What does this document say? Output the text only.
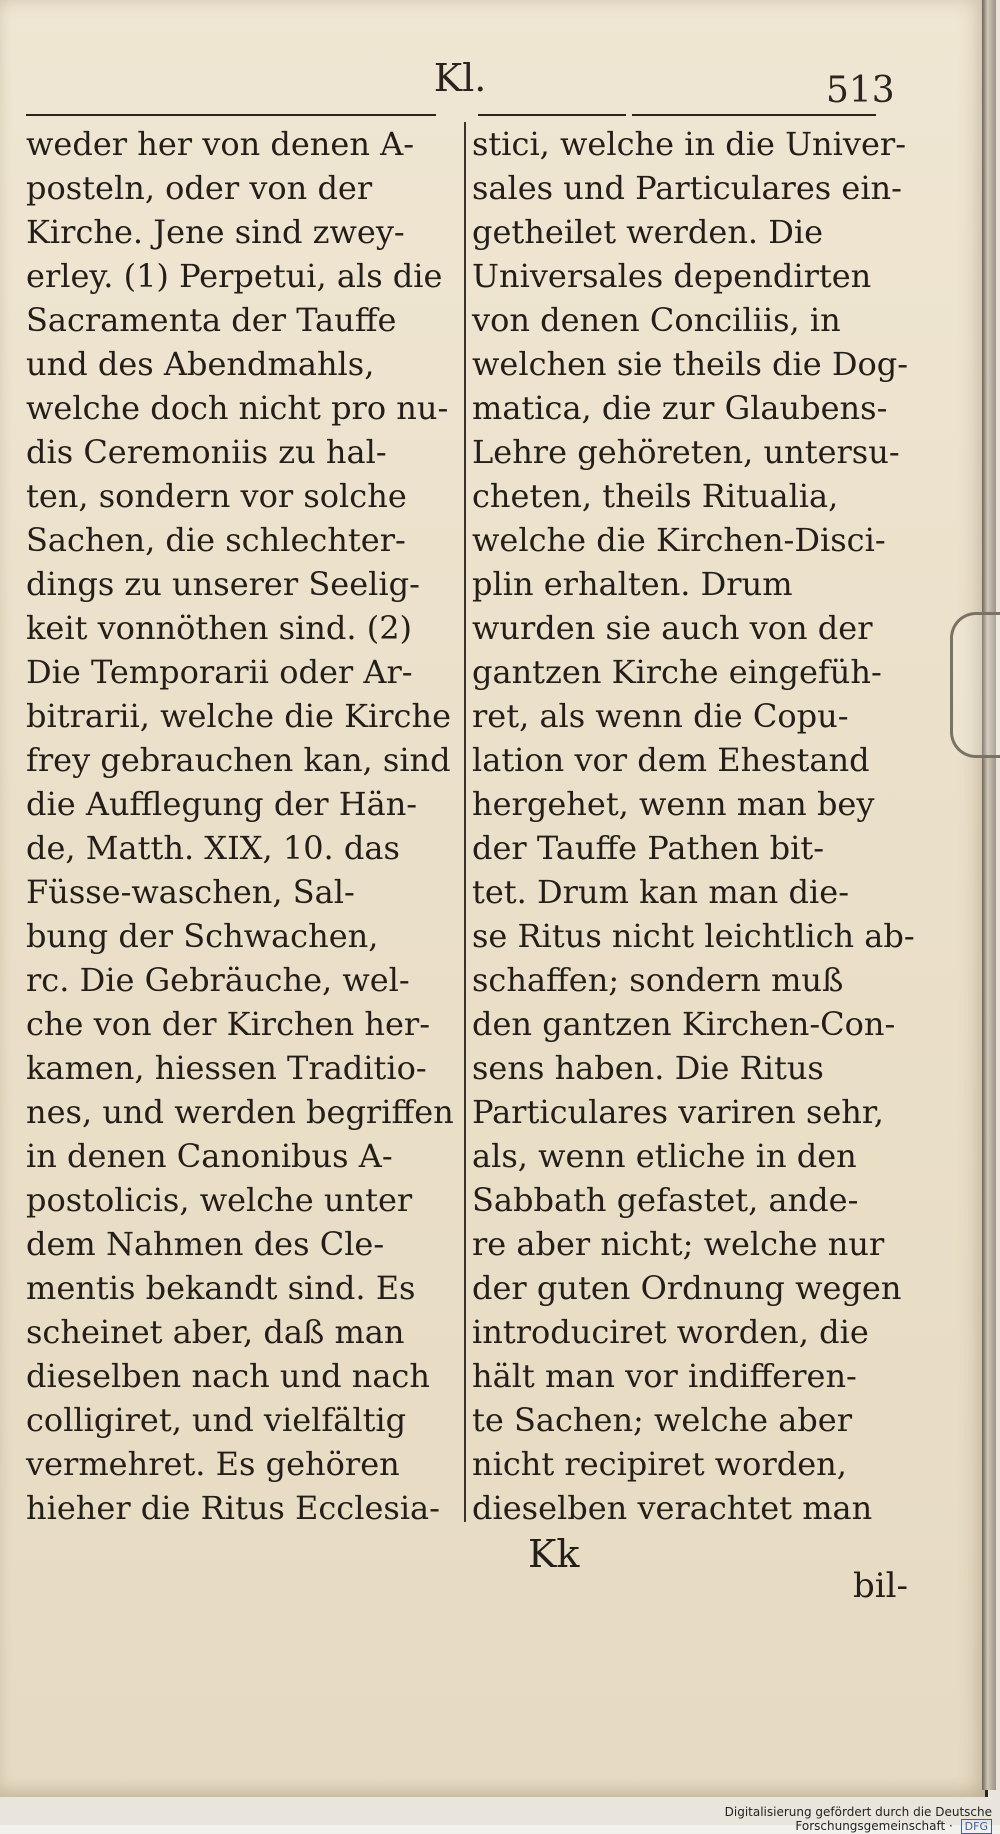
Kl.	513
weder her von denen A-
posteln, oder von der
Kirche. Jene sind zwey-
erley. (1) Perpetui, als die
Sacramenta der Tauffe
und des Abendmahls,
welche doch nicht pro nu-
dis Ceremoniis zu hal-
ten, sondern vor solche
Sachen, die schlechter-
dings zu unserer Seelig-
keit vonnöthen sind. (2)
Die Temporarii oder Ar-
bitrarii, welche die Kirche
frey gebrauchen kan, sind
die Aufflegung der Hän-
de, Matth. XIX, 10. das
Füsse-waschen, Sal-
bung der Schwachen,
rc. Die Gebräuche, wel-
che von der Kirchen her-
kamen, hiessen Traditio-
nes, und werden begriffen
in denen Canonibus A-
postolicis, welche unter
dem Nahmen des Cle-
mentis bekandt sind. Es
scheinet aber, daß man
dieselben nach und nach
colligiret, und vielfältig
vermehret. Es gehören
hieher die Ritus Ecclesia-
stici, welche in die Univer-
sales und Particulares ein-
getheilet werden. Die
Universales dependirten
von denen Conciliis, in
welchen sie theils die Dog-
matica, die zur Glaubens-
Lehre gehöreten, untersu-
cheten, theils Ritualia,
welche die Kirchen-Disci-
plin erhalten. Drum
wurden sie auch von der
gantzen Kirche eingefüh-
ret, als wenn die Copu-
lation vor dem Ehestand
hergehet, wenn man bey
der Tauffe Pathen bit-
tet. Drum kan man die-
se Ritus nicht leichtlich ab-
schaffen; sondern muß
den gantzen Kirchen-Con-
sens haben. Die Ritus
Particulares variren sehr,
als, wenn etliche in den
Sabbath gefastet, ande-
re aber nicht; welche nur
der guten Ordnung wegen
introduciret worden, die
hält man vor indifferen-
te Sachen; welche aber
nicht recipiret worden,
dieselben verachtet man
Kk
bil-
Digitalisierung gefördert durch die Deutsche Forschungsgemeinschaft · DFG
